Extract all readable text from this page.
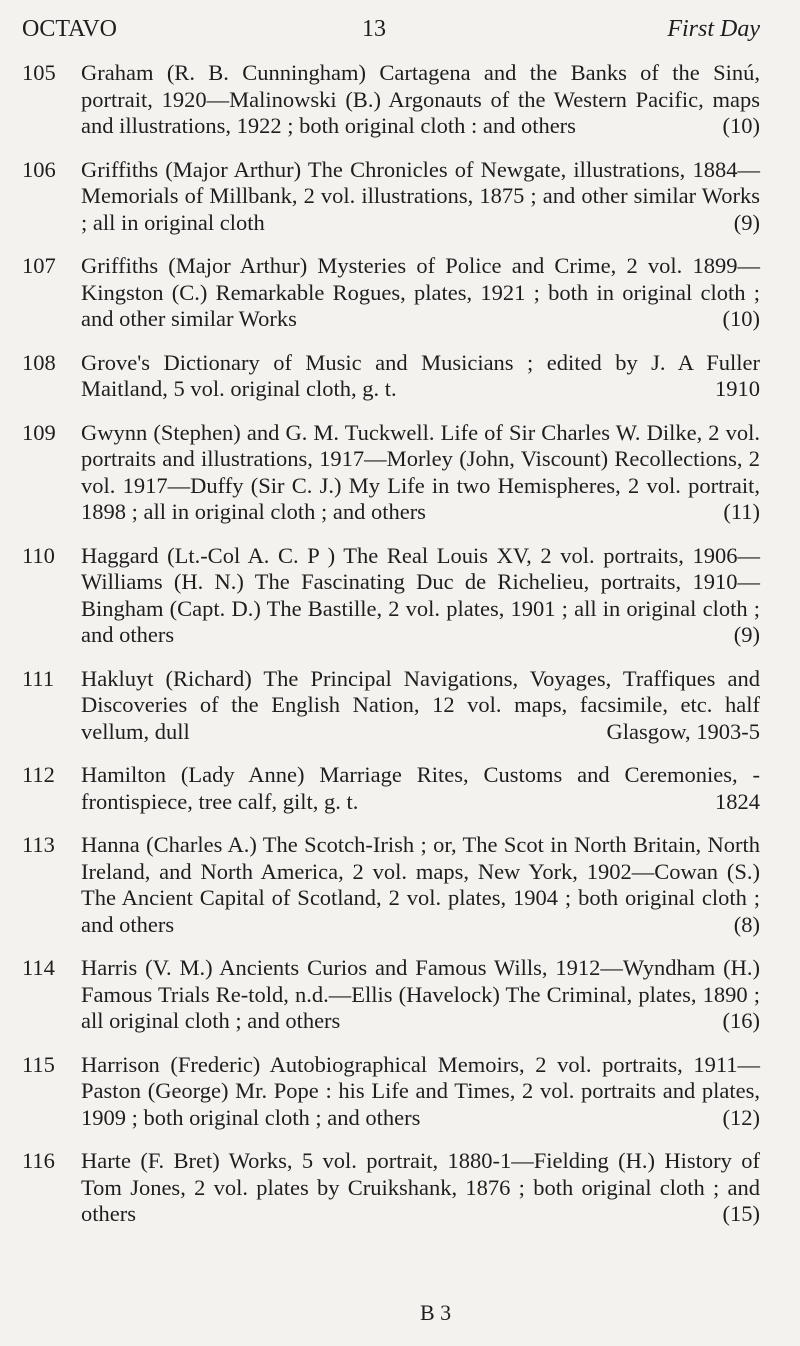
OCTAVO	13	First Day
105	Graham (R. B. Cunningham) Cartagena and the Banks of the Sinú, portrait, 1920—Malinowski (B.) Argonauts of the Western Pacific, maps and illustrations, 1922 ; both original cloth : and others	(10)
106	Griffiths (Major Arthur) The Chronicles of Newgate, illustrations, 1884—Memorials of Millbank, 2 vol. illustrations, 1875 ; and other similar Works ; all in original cloth	(9)
107	Griffiths (Major Arthur) Mysteries of Police and Crime, 2 vol. 1899—Kingston (C.) Remarkable Rogues, plates, 1921 ; both in original cloth ; and other similar Works	(10)
108	Grove's Dictionary of Music and Musicians ; edited by J. A Fuller Maitland, 5 vol. original cloth, g. t.	1910
109	Gwynn (Stephen) and G. M. Tuckwell. Life of Sir Charles W. Dilke, 2 vol. portraits and illustrations, 1917—Morley (John, Viscount) Recollections, 2 vol. 1917—Duffy (Sir C. J.) My Life in two Hemispheres, 2 vol. portrait, 1898 ; all in original cloth ; and others	(11)
110	Haggard (Lt.-Col A. C. P ) The Real Louis XV, 2 vol. portraits, 1906—Williams (H. N.) The Fascinating Duc de Richelieu, portraits, 1910—Bingham (Capt. D.) The Bastille, 2 vol. plates, 1901 ; all in original cloth ; and others	(9)
111	Hakluyt (Richard) The Principal Navigations, Voyages, Traffiques and Discoveries of the English Nation, 12 vol. maps, facsimile, etc. half vellum, dull	Glasgow, 1903-5
112	Hamilton (Lady Anne) Marriage Rites, Customs and Ceremonies, - frontispiece, tree calf, gilt, g. t.	1824
113	Hanna (Charles A.) The Scotch-Irish ; or, The Scot in North Britain, North Ireland, and North America, 2 vol. maps, New York, 1902—Cowan (S.) The Ancient Capital of Scotland, 2 vol. plates, 1904 ; both original cloth ; and others	(8)
114	Harris (V. M.) Ancients Curios and Famous Wills, 1912—Wyndham (H.) Famous Trials Re-told, n.d.—Ellis (Havelock) The Criminal, plates, 1890 ; all original cloth ; and others	(16)
115	Harrison (Frederic) Autobiographical Memoirs, 2 vol. portraits, 1911—Paston (George) Mr. Pope : his Life and Times, 2 vol. portraits and plates, 1909 ; both original cloth ; and others	(12)
116	Harte (F. Bret) Works, 5 vol. portrait, 1880-1—Fielding (H.) History of Tom Jones, 2 vol. plates by Cruikshank, 1876 ; both original cloth ; and others	(15)
B 3
